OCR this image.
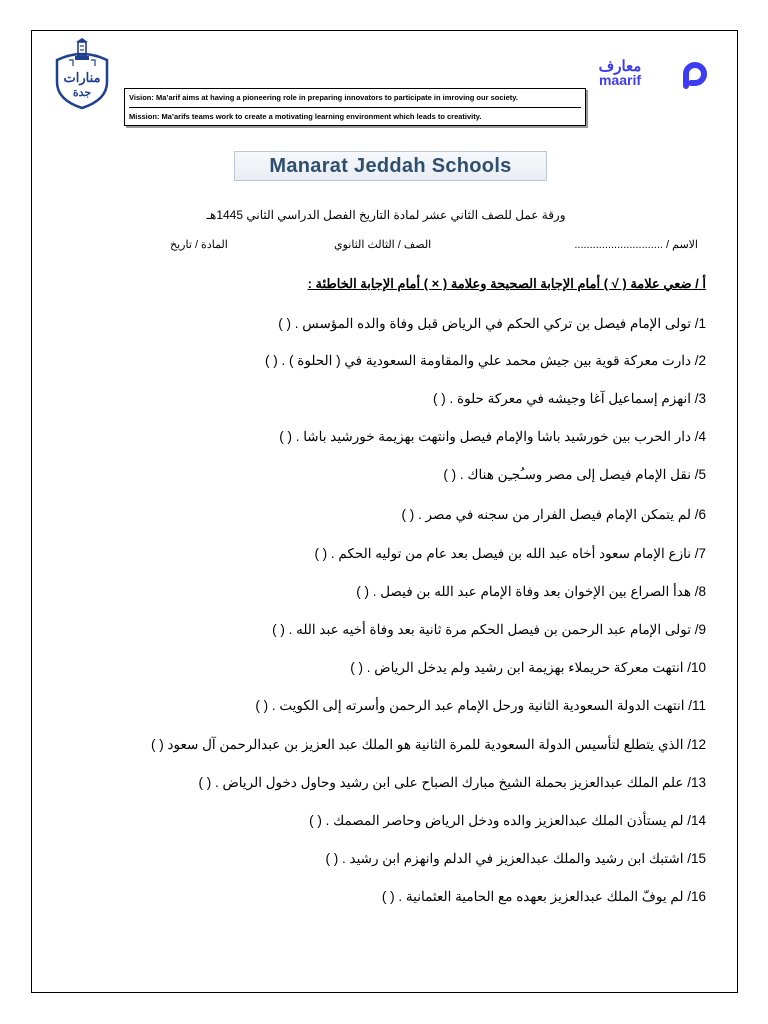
منارات
جدة
معارف
maarif
Vision: Ma’arif aims at having a pioneering role in preparing innovators to participate in imroving our society.
Mission: Ma’arifs teams work to create a motivating learning environment which leads to creativity.
Manarat Jeddah Schools
ورقة عمل للصف الثاني عشر لمادة التاريخ الفصل الدراسي الثاني 1445هـ
الاسم / .............................
الصف / الثالث الثانوي
المادة / تاريخ
أ / ضعي علامة ( √ ) أمام الإجابة الصحيحة وعلامة ( × ) أمام الإجابة الخاطئة :
1/ تولى الإمام فيصل بن تركي الحكم في الرياض قبل وفاة والده المؤسس . ( )
2/ دارت معركة قوية بين جيش محمد علي والمقاومة السعودية في ( الحلوة ) . ( )
3/ انهزم إسماعيل آغا وجيشه في معركة حلوة . ( )
4/ دار الحرب بين خورشيد باشا والإمام فيصل وانتهت بهزيمة خورشيد باشا . ( )
5/ نقل الإمام فيصل إلى مصر وسـُجـِن هناك . ( )
6/ لم يتمكن الإمام فيصل الفرار من سجنه في مصر . ( )
7/ نازع الإمام سعود أخاه عبد الله بن فيصل بعد عام من توليه الحكم . ( )
8/ هدأ الصراع بين الإخوان بعد وفاة الإمام عبد الله بن فيصل . ( )
9/ تولى الإمام عبد الرحمن بن فيصل الحكم مرة ثانية بعد وفاة أخيه عبد الله . ( )
10/ انتهت معركة حريملاء بهزيمة ابن رشيد ولم يدخل الرياض . ( )
11/ انتهت الدولة السعودية الثانية ورحل الإمام عبد الرحمن وأسرته إلى الكويت . ( )
12/ الذي يتطلع لتأسيس الدولة السعودية للمرة الثانية هو الملك عبد العزيز بن عبدالرحمن آل سعود ( )
13/ علم الملك عبدالعزيز بحملة الشيخ مبارك الصباح على ابن رشيد وحاول دخول الرياض . ( )
14/ لم يستأذن الملك عبدالعزيز والده ودخل الرياض وحاصر المصمك . ( )
15/ اشتبك ابن رشيد والملك عبدالعزيز في الدلم وانهزم ابن رشيد . ( )
16/ لم يوفّ الملك عبدالعزيز بعهده مع الحامية العثمانية . ( )
